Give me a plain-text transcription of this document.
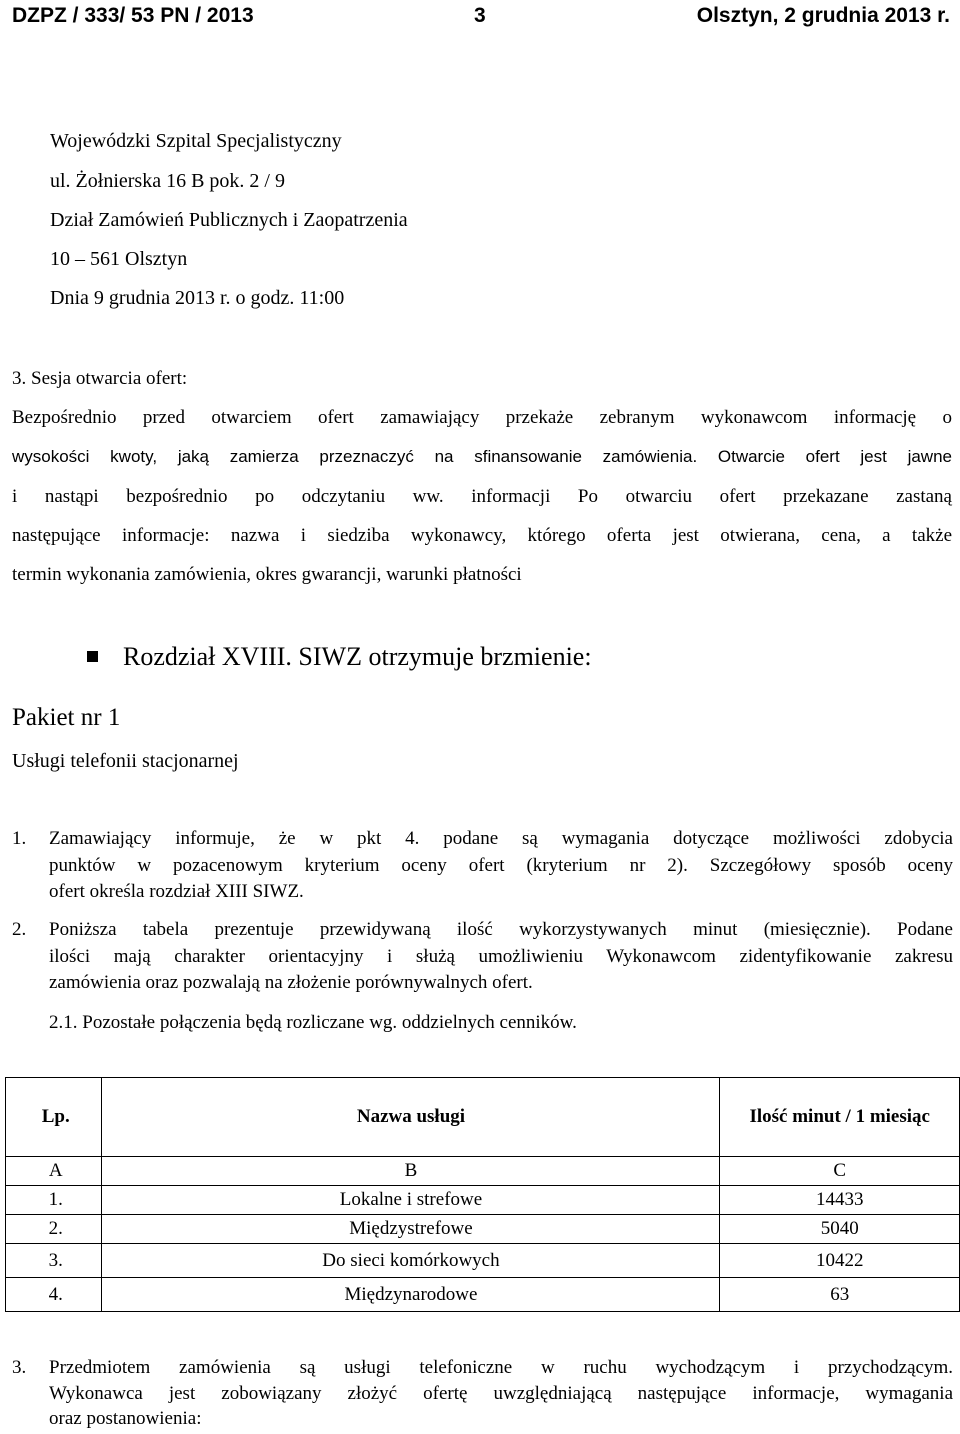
DZPZ / 333/ 53 PN / 2013	3	Olsztyn, 2 grudnia 2013 r.
Wojewódzki Szpital Specjalistyczny
ul. Żołnierska 16 B pok. 2 / 9
Dział Zamówień Publicznych i Zaopatrzenia
10 – 561 Olsztyn
Dnia 9 grudnia 2013 r. o godz. 11:00
3. Sesja otwarcia ofert:
Bezpośrednio przed otwarciem ofert zamawiający przekaże zebranym wykonawcom informację o
wysokości kwoty, jaką zamierza przeznaczyć na sfinansowanie zamówienia. Otwarcie ofert jest jawne
i nastąpi bezpośrednio po odczytaniu ww. informacji Po otwarciu ofert przekazane zastaną
następujące informacje: nazwa i siedziba wykonawcy, którego oferta jest otwierana, cena, a także
termin wykonania zamówienia, okres gwarancji, warunki płatności
Rozdział XVIII. SIWZ otrzymuje brzmienie:
Pakiet nr 1
Usługi telefonii stacjonarnej
1. Zamawiający informuje, że w pkt 4. podane są wymagania dotyczące możliwości zdobycia
punktów w pozacenowym kryterium oceny ofert (kryterium nr 2). Szczegółowy sposób oceny
ofert określa rozdział XIII SIWZ.
2. Poniższa tabela prezentuje przewidywaną ilość wykorzystywanych minut (miesięcznie). Podane
ilości mają charakter orientacyjny i służą umożliwieniu Wykonawcom zidentyfikowanie zakresu
zamówienia oraz pozwalają na złożenie porównywalnych ofert.
2.1. Pozostałe połączenia będą rozliczane wg. oddzielnych cenników.
Lp.	Nazwa usługi	Ilość minut / 1 miesiąc
A	B	C
1.	Lokalne i strefowe	14433
2.	Międzystrefowe	5040
3.	Do sieci komórkowych	10422
4.	Międzynarodowe	63
3. Przedmiotem zamówienia są usługi telefoniczne w ruchu wychodzącym i przychodzącym.
Wykonawca jest zobowiązany złożyć ofertę uwzględniającą następujące informacje, wymagania
oraz postanowienia:
